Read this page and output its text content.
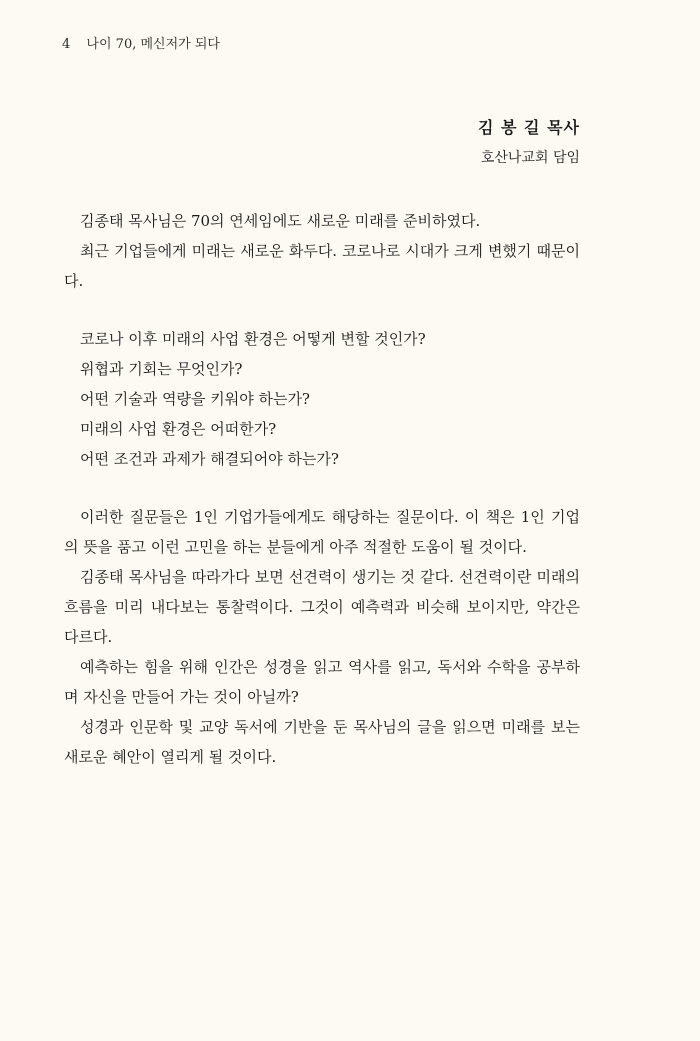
4 나이 70, 메신저가 되다
김 봉 길 목사
호산나교회 담임

김종태 목사님은 70의 연세임에도 새로운 미래를 준비하였다.

최근 기업들에게 미래는 새로운 화두다. 코로나로 시대가 크게 변했기 때문이다.

코로나 이후 미래의 사업 환경은 어떻게 변할 것인가?

위협과 기회는 무엇인가?

어떤 기술과 역량을 키워야 하는가?

미래의 사업 환경은 어떠한가?

어떤 조건과 과제가 해결되어야 하는가?

이러한 질문들은 1인 기업가들에게도 해당하는 질문이다. 이 책은 1인 기업의 뜻을 품고 이런 고민을 하는 분들에게 아주 적절한 도움이 될 것이다.

김종태 목사님을 따라가다 보면 선견력이 생기는 것 같다. 선견력이란 미래의 흐름을 미리 내다보는 통찰력이다. 그것이 예측력과 비슷해 보이지만, 약간은 다르다.

예측하는 힘을 위해 인간은 성경을 읽고 역사를 읽고, 독서와 수학을 공부하며 자신을 만들어 가는 것이 아닐까?

성경과 인문학 및 교양 독서에 기반을 둔 목사님의 글을 읽으면 미래를 보는 새로운 혜안이 열리게 될 것이다.
